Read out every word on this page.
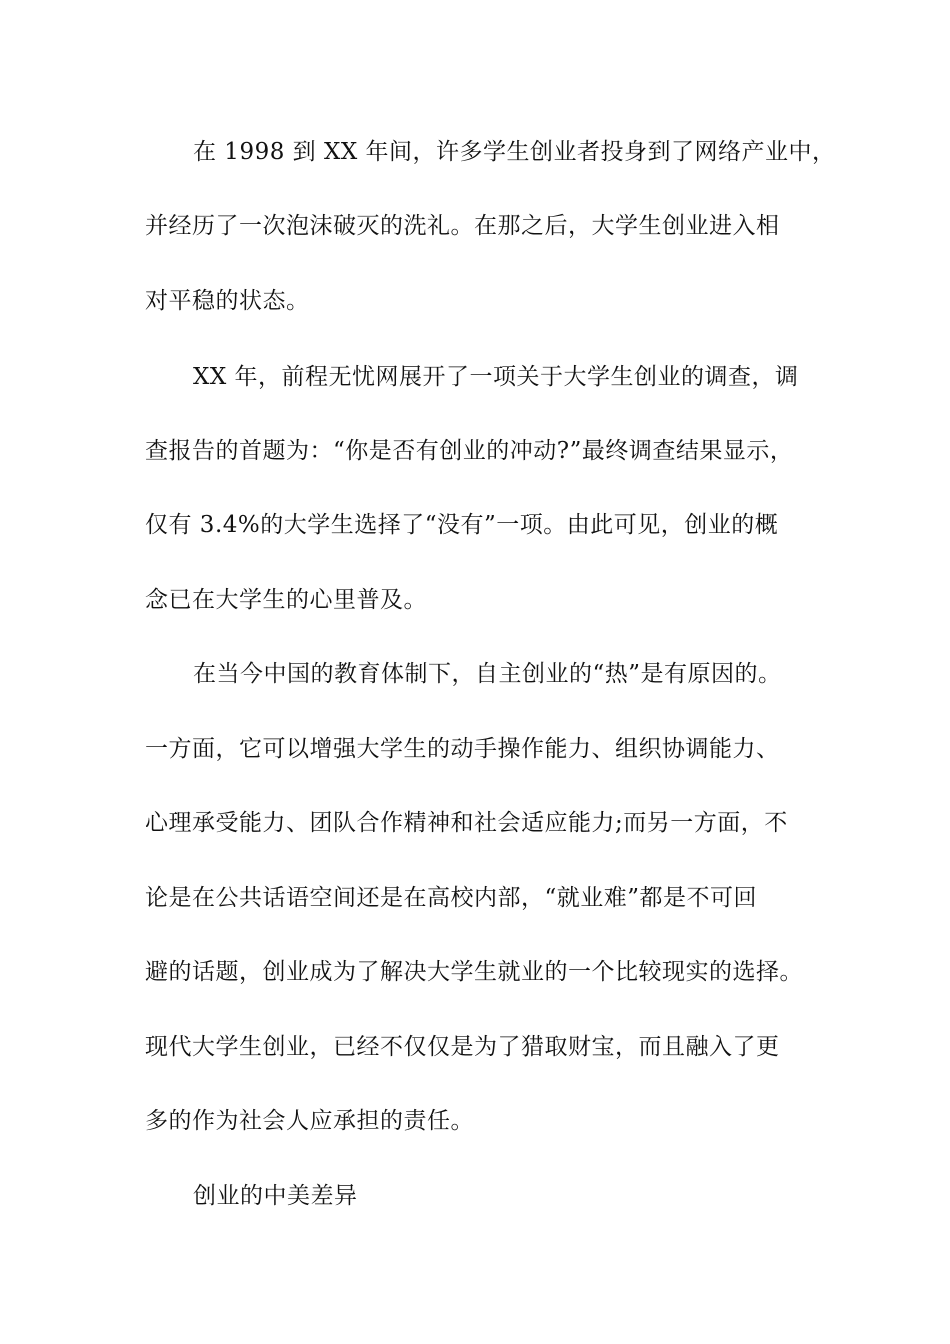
在 1998 到 XX 年间，许多学生创业者投身到了网络产业中，
并经历了一次泡沫破灭的洗礼。在那之后，大学生创业进入相
对平稳的状态。
XX 年，前程无忧网展开了一项关于大学生创业的调查，调
查报告的首题为：“你是否有创业的冲动?”最终调查结果显示，
仅有 3.4%的大学生选择了“没有”一项。由此可见，创业的概
念已在大学生的心里普及。
在当今中国的教育体制下，自主创业的“热”是有原因的。
一方面，它可以增强大学生的动手操作能力、组织协调能力、
心理承受能力、团队合作精神和社会适应能力;而另一方面，不
论是在公共话语空间还是在高校内部，“就业难”都是不可回
避的话题，创业成为了解决大学生就业的一个比较现实的选择。
现代大学生创业，已经不仅仅是为了猎取财宝，而且融入了更
多的作为社会人应承担的责任。
创业的中美差异
